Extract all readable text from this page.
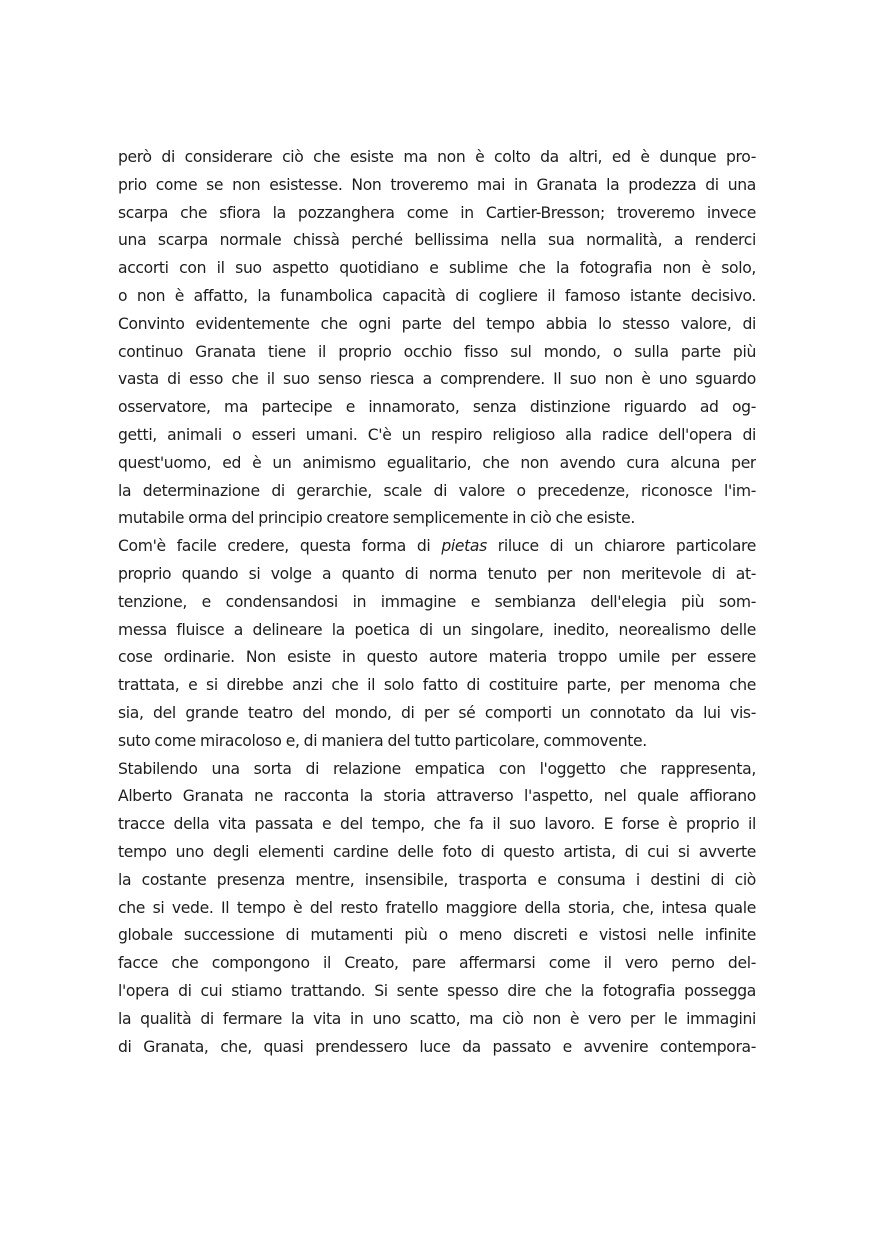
però di considerare ciò che esiste ma non è colto da altri, ed è dunque pro-
prio come se non esistesse. Non troveremo mai in Granata la prodezza di una
scarpa che sfiora la pozzanghera come in Cartier-Bresson; troveremo invece
una scarpa normale chissà perché bellissima nella sua normalità, a renderci
accorti con il suo aspetto quotidiano e sublime che la fotografia non è solo,
o non è affatto, la funambolica capacità di cogliere il famoso istante decisivo.
Convinto evidentemente che ogni parte del tempo abbia lo stesso valore, di
continuo Granata tiene il proprio occhio fisso sul mondo, o sulla parte più
vasta di esso che il suo senso riesca a comprendere. Il suo non è uno sguardo
osservatore, ma partecipe e innamorato, senza distinzione riguardo ad og-
getti, animali o esseri umani. C'è un respiro religioso alla radice dell'opera di
quest'uomo, ed è un animismo egualitario, che non avendo cura alcuna per
la determinazione di gerarchie, scale di valore o precedenze, riconosce l'im-
mutabile orma del principio creatore semplicemente in ciò che esiste.
Com'è facile credere, questa forma di pietas riluce di un chiarore particolare
proprio quando si volge a quanto di norma tenuto per non meritevole di at-
tenzione, e condensandosi in immagine e sembianza dell'elegia più som-
messa fluisce a delineare la poetica di un singolare, inedito, neorealismo delle
cose ordinarie. Non esiste in questo autore materia troppo umile per essere
trattata, e si direbbe anzi che il solo fatto di costituire parte, per menoma che
sia, del grande teatro del mondo, di per sé comporti un connotato da lui vis-
suto come miracoloso e, di maniera del tutto particolare, commovente.
Stabilendo una sorta di relazione empatica con l'oggetto che rappresenta,
Alberto Granata ne racconta la storia attraverso l'aspetto, nel quale affiorano
tracce della vita passata e del tempo, che fa il suo lavoro. E forse è proprio il
tempo uno degli elementi cardine delle foto di questo artista, di cui si avverte
la costante presenza mentre, insensibile, trasporta e consuma i destini di ciò
che si vede. Il tempo è del resto fratello maggiore della storia, che, intesa quale
globale successione di mutamenti più o meno discreti e vistosi nelle infinite
facce che compongono il Creato, pare affermarsi come il vero perno del-
l'opera di cui stiamo trattando. Si sente spesso dire che la fotografia possegga
la qualità di fermare la vita in uno scatto, ma ciò non è vero per le immagini
di Granata, che, quasi prendessero luce da passato e avvenire contempora-
